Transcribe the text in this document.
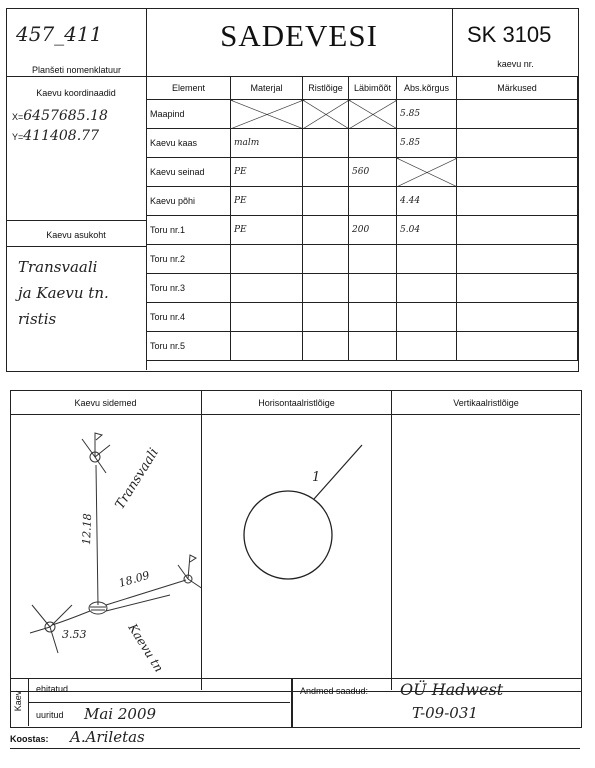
457_411
Planšeti nomenklatuur
SADEVESI	SK 3105
kaevu nr.
Kaevu koordinaadid
X=6457685.18
Y=411408.77
Kaevu asukoht
Transvaali
ja Kaevu tn.
ristis
Element	Materjal	Ristlõige	Läbimõõt	Abs.kõrgus	Märkused
Maapind				5.85	
Kaevu kaas	malm			5.85	
Kaevu seinad	PE		560		
Kaevu põhi	PE			4.44	
Toru nr.1	PE		200	5.04	
Toru nr.2					
Toru nr.3					
Toru nr.4					
Toru nr.5					
Kaevu sidemed	Horisontaalristlõige	Vertikaalristlõige
Transvaali
12.18
18.09
3.53	Kaevu tn
1
Kaev
ehitatud
uuritud Mai 2009
Andmed saadud: OÜ Hadwest
T-09-031
Koostas: A.Ariletas
